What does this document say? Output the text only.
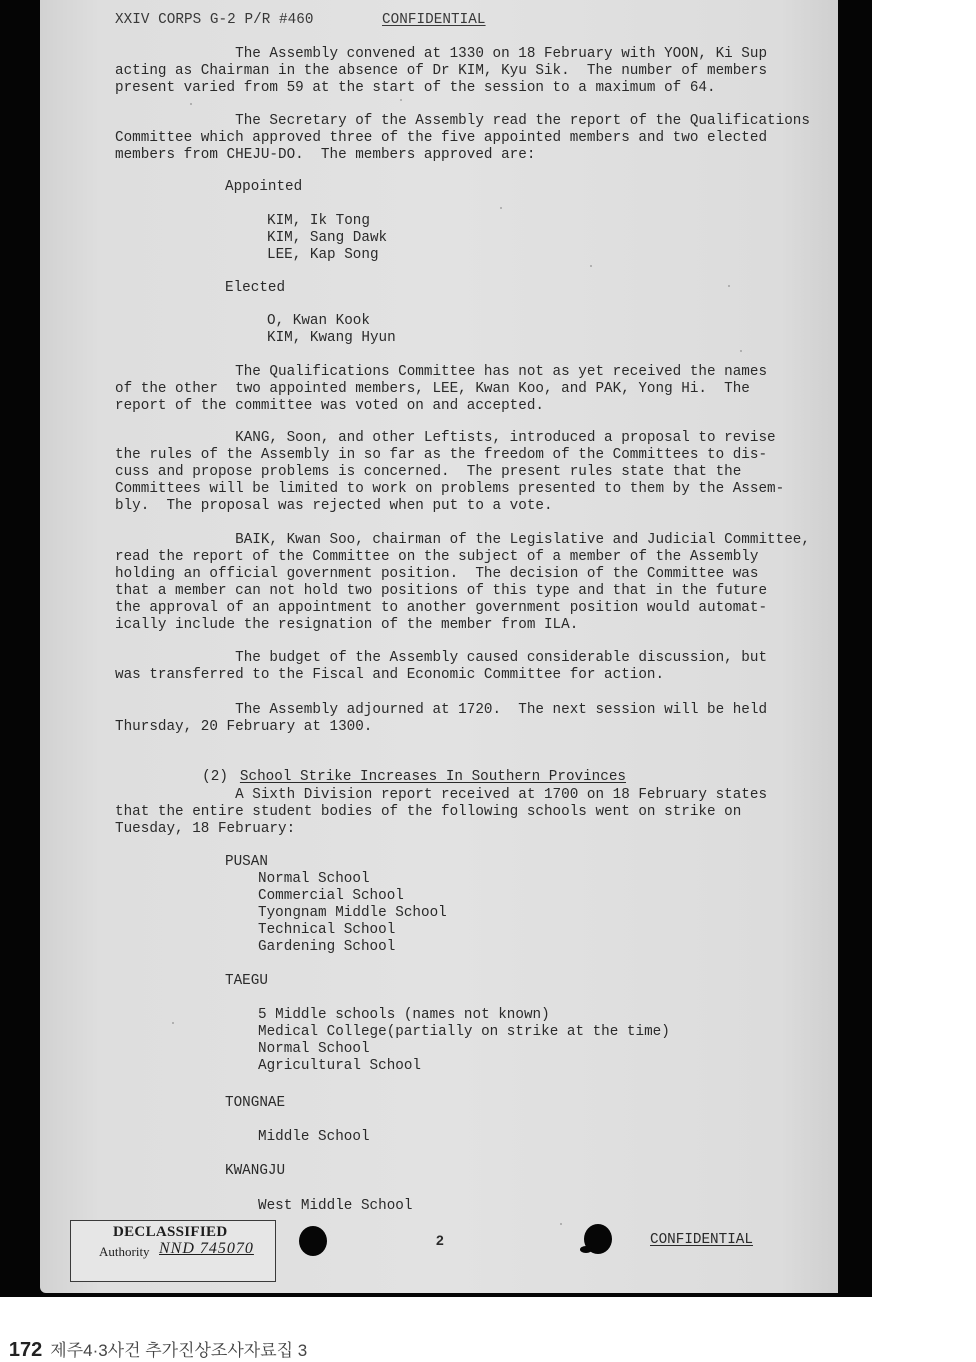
XXIV CORPS G-2 P/R #460	CONFIDENTIAL
The Assembly convened at 1330 on 18 February with YOON, Ki Sup
acting as Chairman in the absence of Dr KIM, Kyu Sik.  The number of members
present varied from 59 at the start of the session to a maximum of 64.
The Secretary of the Assembly read the report of the Qualifications
Committee which approved three of the five appointed members and two elected
members from CHEJU-DO.  The members approved are:
Appointed
KIM, Ik Tong
KIM, Sang Dawk
LEE, Kap Song
Elected
O, Kwan Kook
KIM, Kwang Hyun
The Qualifications Committee has not as yet received the names
of the other  two appointed members, LEE, Kwan Koo, and PAK, Yong Hi.  The
report of the committee was voted on and accepted.
KANG, Soon, and other Leftists, introduced a proposal to revise
the rules of the Assembly in so far as the freedom of the Committees to dis-
cuss and propose problems is concerned.  The present rules state that the
Committees will be limited to work on problems presented to them by the Assem-
bly.  The proposal was rejected when put to a vote.
BAIK, Kwan Soo, chairman of the Legislative and Judicial Committee,
read the report of the Committee on the subject of a member of the Assembly
holding an official government position.  The decision of the Committee was
that a member can not hold two positions of this type and that in the future
the approval of an appointment to another government position would automat-
ically include the resignation of the member from ILA.
The budget of the Assembly caused considerable discussion, but
was transferred to the Fiscal and Economic Committee for action.
The Assembly adjourned at 1720.  The next session will be held
Thursday, 20 February at 1300.

(2) School Strike Increases In Southern Provinces

A Sixth Division report received at 1700 on 18 February states
that the entire student bodies of the following schools went on strike on
Tuesday, 18 February:
PUSAN
Normal School
Commercial School
Tyongnam Middle School
Technical School
Gardening School
TAEGU
5 Middle schools (names not known)
Medical College(partially on strike at the time)
Normal School
Agricultural School
TONGNAE
Middle School
KWANGJU
West Middle School
DECLASSIFIED
Authority NND 745070	2	CONFIDENTIAL

172 제주4·3사건 추가진상조사자료집 3
